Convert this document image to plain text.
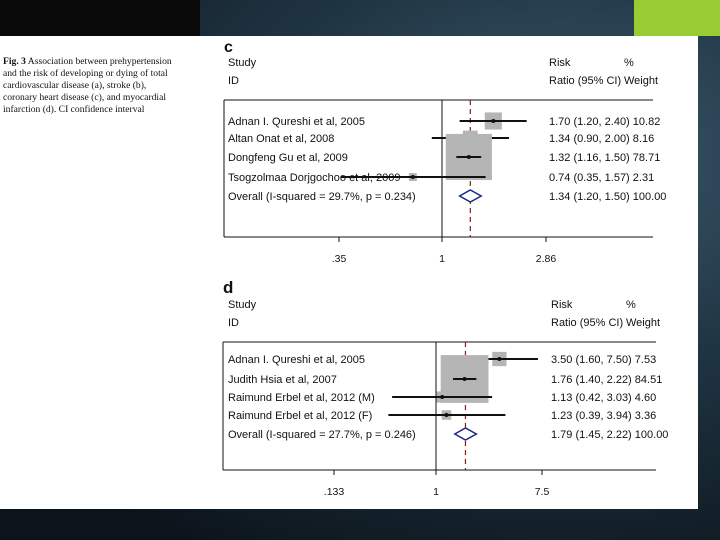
Fig. 3 Association between prehypertension and the risk of developing or dying of total cardiovascular disease (a), stroke (b), coronary heart disease (c), and myocardial infarction (d). CI confidence interval
c
Study
ID
Risk
Ratio (95% CI)
%
Weight
.35	1	2.86
Adnan I. Qureshi et al, 2005	1.70 (1.20, 2.40) 10.82
Altan Onat et al, 2008	1.34 (0.90, 2.00) 8.16
Dongfeng Gu et al, 2009	1.32 (1.16, 1.50) 78.71
Tsogzolmaa Dorjgochoo et al, 2009	0.74 (0.35, 1.57) 2.31
Overall (I-squared = 29.7%, p = 0.234)	1.34 (1.20, 1.50) 100.00
d
Study
ID
Risk
Ratio (95% CI)
%
Weight
.133	1	7.5
Adnan I. Qureshi et al, 2005	3.50 (1.60, 7.50) 7.53
Judith Hsia et al, 2007	1.76 (1.40, 2.22) 84.51
Raimund Erbel et al, 2012 (M)	1.13 (0.42, 3.03) 4.60
Raimund Erbel et al, 2012 (F)	1.23 (0.39, 3.94) 3.36
Overall (I-squared = 27.7%, p = 0.246)	1.79 (1.45, 2.22) 100.00
